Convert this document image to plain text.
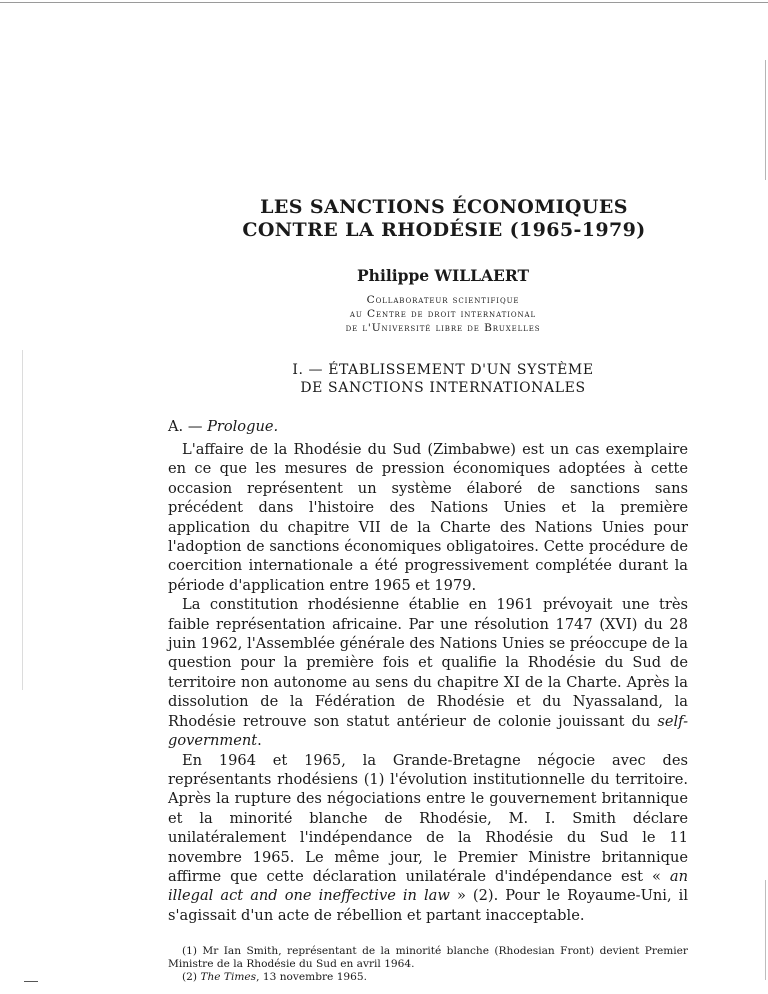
LES SANCTIONS ÉCONOMIQUES
CONTRE LA RHODÉSIE (1965-1979)
Philippe WILLAERT
Collaborateur scientifique
au Centre de droit international
de l'Université libre de Bruxelles
I. — ÉTABLISSEMENT D'UN SYSTÈME
DE SANCTIONS INTERNATIONALES
A. — Prologue.

L'affaire de la Rhodésie du Sud (Zimbabwe) est un cas exemplaire en ce que les mesures de pression économiques adoptées à cette occasion représentent un système élaboré de sanctions sans précédent dans l'histoire des Nations Unies et la première application du chapitre VII de la Charte des Nations Unies pour l'adoption de sanctions économiques obligatoires. Cette procédure de coercition internationale a été progressivement complétée durant la période d'application entre 1965 et 1979.

La constitution rhodésienne établie en 1961 prévoyait une très faible représentation africaine. Par une résolution 1747 (XVI) du 28 juin 1962, l'Assemblée générale des Nations Unies se préoccupe de la question pour la première fois et qualifie la Rhodésie du Sud de territoire non autonome au sens du chapitre XI de la Charte. Après la dissolution de la Fédération de Rhodésie et du Nyassaland, la Rhodésie retrouve son statut antérieur de colonie jouissant du self-government.

En 1964 et 1965, la Grande-Bretagne négocie avec des représentants rhodésiens (1) l'évolution institutionnelle du territoire. Après la rupture des négociations entre le gouvernement britannique et la minorité blanche de Rhodésie, M. I. Smith déclare unilatéralement l'indépendance de la Rhodésie du Sud le 11 novembre 1965. Le même jour, le Premier Ministre britannique affirme que cette déclaration unilatérale d'indépendance est « an illegal act and one ineffective in law » (2). Pour le Royaume-Uni, il s'agissait d'un acte de rébellion et partant inacceptable.

(1) Mr Ian Smith, représentant de la minorité blanche (Rhodesian Front) devient Premier Ministre de la Rhodésie du Sud en avril 1964.

(2) The Times, 13 novembre 1965.
